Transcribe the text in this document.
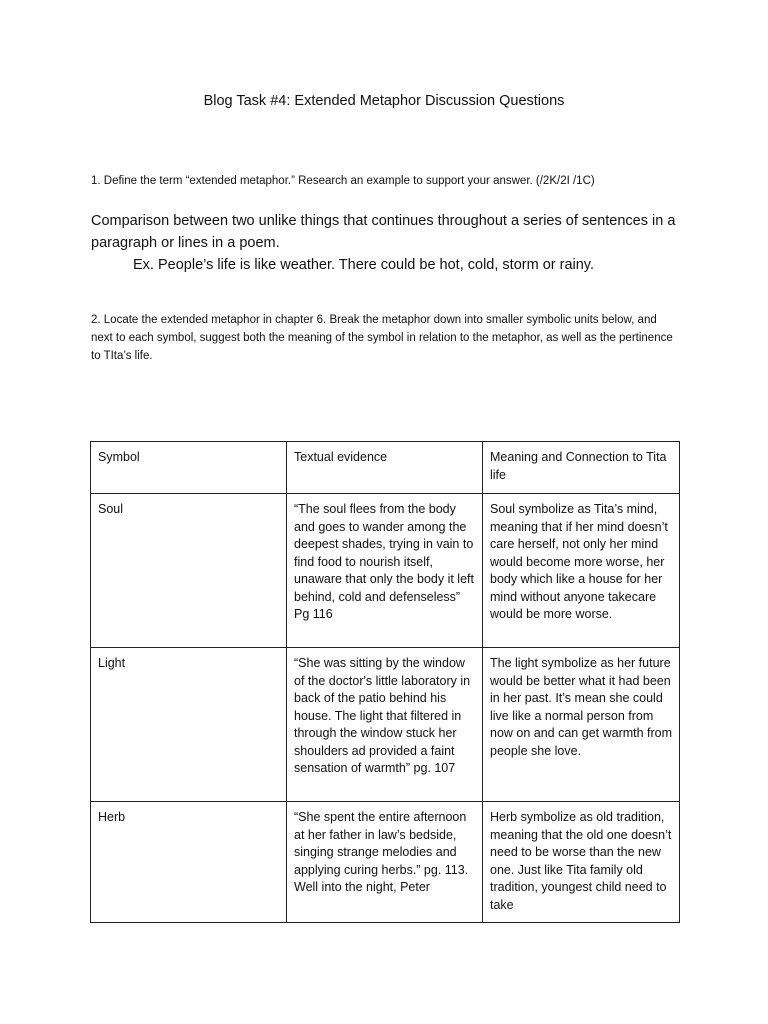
Blog Task #4: Extended Metaphor Discussion Questions

1. Define the term “extended metaphor.” Research an example to support your answer. (/2K/2I /1C)

Comparison between two unlike things that continues throughout a series of sentences in a paragraph or lines in a poem.
Ex. People’s life is like weather. There could be hot, cold, storm or rainy.

2. Locate the extended metaphor in chapter 6. Break the metaphor down into smaller symbolic units below, and next to each symbol, suggest both the meaning of the symbol in relation to the metaphor, as well as the pertinence to TIta’s life.

Symbol	Textual evidence	Meaning and Connection to Tita life
Soul	“The soul flees from the body and goes to wander among the deepest shades, trying in vain to find food to nourish itself, unaware that only the body it left behind, cold and defenseless” Pg 116	Soul symbolize as Tita’s mind, meaning that if her mind doesn’t care herself, not only her mind would become more worse, her body which like a house for her mind without anyone takecare would be more worse.
Light	“She was sitting by the window of the doctor's little laboratory in back of the patio behind his house. The light that filtered in through the window stuck her shoulders ad provided a faint sensation of warmth” pg. 107	The light symbolize as her future would be better what it had been in her past. It’s mean she could live like a normal person from now on and can get warmth from people she love.
Herb	“She spent the entire afternoon at her father in law’s bedside, singing strange melodies and applying curing herbs.” pg. 113. Well into the night, Peter	Herb symbolize as old tradition, meaning that the old one doesn’t need to be worse than the new one. Just like Tita family old tradition, youngest child need to take
